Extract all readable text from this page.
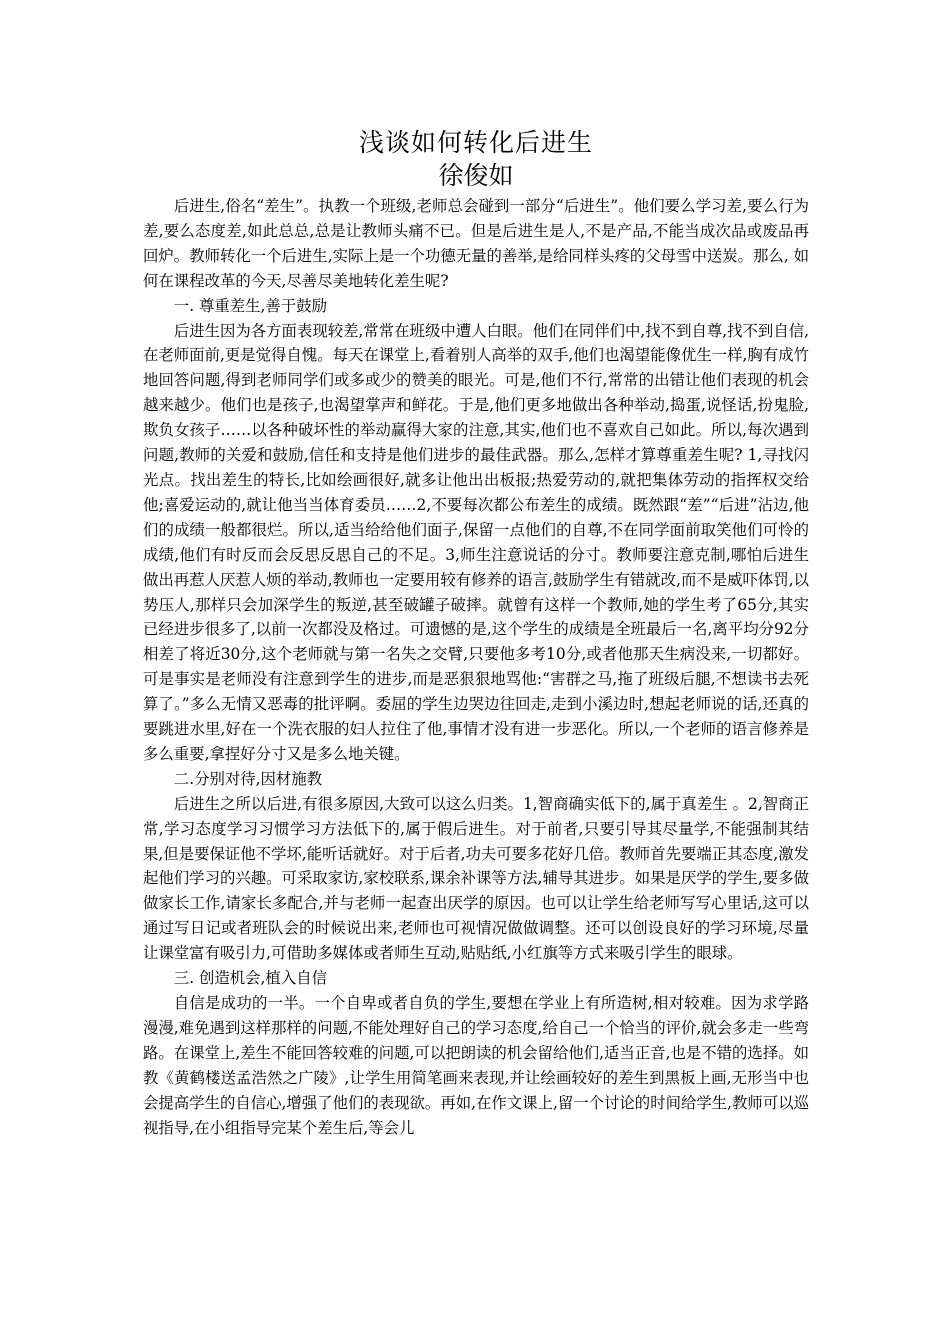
浅谈如何转化后进生
徐俊如

后进生,俗名“差生”。执教一个班级,老师总会碰到一部分“后进生”。他们要么学习差,要么行为差,要么态度差,如此总总,总是让教师头痛不已。但是后进生是人,不是产品,不能当成次品或废品再回炉。教师转化一个后进生,实际上是一个功德无量的善举,是给同样头疼的父母雪中送炭。那么, 如何在课程改革的今天,尽善尽美地转化差生呢?

一. 尊重差生,善于鼓励

后进生因为各方面表现较差,常常在班级中遭人白眼。他们在同伴们中,找不到自尊,找不到自信,在老师面前,更是觉得自愧。每天在课堂上,看着别人高举的双手,他们也渴望能像优生一样,胸有成竹地回答问题,得到老师同学们或多或少的赞美的眼光。可是,他们不行,常常的出错让他们表现的机会越来越少。他们也是孩子,也渴望掌声和鲜花。于是,他们更多地做出各种举动,捣蛋,说怪话,扮鬼脸,欺负女孩子……以各种破坏性的举动赢得大家的注意,其实,他们也不喜欢自己如此。所以,每次遇到问题,教师的关爱和鼓励,信任和支持是他们进步的最佳武器。那么,怎样才算尊重差生呢? 1,寻找闪光点。找出差生的特长,比如绘画很好,就多让他出出板报;热爱劳动的,就把集体劳动的指挥权交给他;喜爱运动的,就让他当当体育委员……2,不要每次都公布差生的成绩。既然跟“差”“后进”沾边,他们的成绩一般都很烂。所以,适当给给他们面子,保留一点他们的自尊,不在同学面前取笑他们可怜的成绩,他们有时反而会反思反思自己的不足。3,师生注意说话的分寸。教师要注意克制,哪怕后进生做出再惹人厌惹人烦的举动,教师也一定要用较有修养的语言,鼓励学生有错就改,而不是威吓体罚,以势压人,那样只会加深学生的叛逆,甚至破罐子破摔。就曾有这样一个教师,她的学生考了65分,其实已经进步很多了,以前一次都没及格过。可遗憾的是,这个学生的成绩是全班最后一名,离平均分92分相差了将近30分,这个老师就与第一名失之交臂,只要他多考10分,或者他那天生病没来,一切都好。可是事实是老师没有注意到学生的进步,而是恶狠狠地骂他:“害群之马,拖了班级后腿,不想读书去死算了。”多么无情又恶毒的批评啊。委屈的学生边哭边往回走,走到小溪边时,想起老师说的话,还真的要跳进水里,好在一个洗衣服的妇人拉住了他,事情才没有进一步恶化。所以,一个老师的语言修养是多么重要,拿捏好分寸又是多么地关键。

二.分别对待,因材施教

后进生之所以后进,有很多原因,大致可以这么归类。1,智商确实低下的,属于真差生 。2,智商正常,学习态度学习习惯学习方法低下的,属于假后进生。对于前者,只要引导其尽量学,不能强制其结果,但是要保证他不学坏,能听话就好。对于后者,功夫可要多花好几倍。教师首先要端正其态度,激发起他们学习的兴趣。可采取家访,家校联系,课余补课等方法,辅导其进步。如果是厌学的学生,要多做做家长工作,请家长多配合,并与老师一起查出厌学的原因。也可以让学生给老师写写心里话,这可以通过写日记或者班队会的时候说出来,老师也可视情况做做调整。还可以创设良好的学习环境,尽量让课堂富有吸引力,可借助多媒体或者师生互动,贴贴纸,小红旗等方式来吸引学生的眼球。

三. 创造机会,植入自信

自信是成功的一半。一个自卑或者自负的学生,要想在学业上有所造树,相对较难。因为求学路漫漫,难免遇到这样那样的问题,不能处理好自己的学习态度,给自己一个恰当的评价,就会多走一些弯路。在课堂上,差生不能回答较难的问题,可以把朗读的机会留给他们,适当正音,也是不错的选择。如教《黄鹤楼送孟浩然之广陵》,让学生用简笔画来表现,并让绘画较好的差生到黑板上画,无形当中也会提高学生的自信心,增强了他们的表现欲。再如,在作文课上,留一个讨论的时间给学生,教师可以巡视指导,在小组指导完某个差生后,等会儿
